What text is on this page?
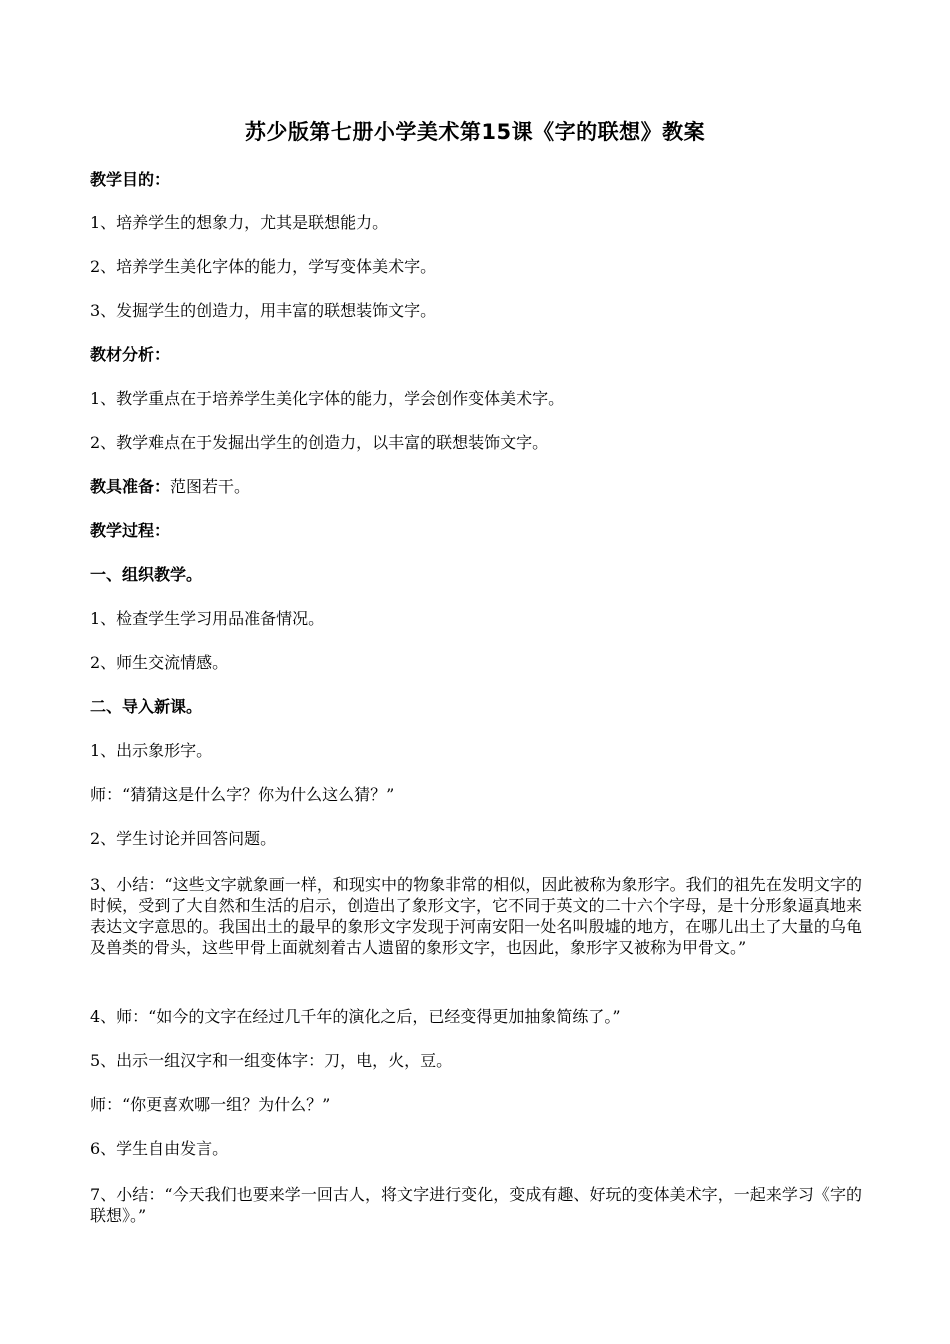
苏少版第七册小学美术第15课《字的联想》教案
教学目的：
1、培养学生的想象力，尤其是联想能力。
2、培养学生美化字体的能力，学写变体美术字。
3、发掘学生的创造力，用丰富的联想装饰文字。
教材分析：
1、教学重点在于培养学生美化字体的能力，学会创作变体美术字。
2、教学难点在于发掘出学生的创造力，以丰富的联想装饰文字。
教具准备：范图若干。
教学过程：
一、组织教学。
1、检查学生学习用品准备情况。
2、师生交流情感。
二、导入新课。
1、出示象形字。
师：“猜猜这是什么字？你为什么这么猜？”
2、学生讨论并回答问题。
3、小结：“这些文字就象画一样，和现实中的物象非常的相似，因此被称为象形字。我们的祖先在发明文字的时候，受到了大自然和生活的启示，创造出了象形文字，它不同于英文的二十六个字母，是十分形象逼真地来表达文字意思的。我国出土的最早的象形文字发现于河南安阳一处名叫殷墟的地方，在哪儿出土了大量的乌龟及兽类的骨头，这些甲骨上面就刻着古人遗留的象形文字，也因此，象形字又被称为甲骨文。”
4、师：“如今的文字在经过几千年的演化之后，已经变得更加抽象简练了。”
5、出示一组汉字和一组变体字：刀，电，火，豆。
师：“你更喜欢哪一组？为什么？”
6、学生自由发言。
7、小结：“今天我们也要来学一回古人，将文字进行变化，变成有趣、好玩的变体美术字，一起来学习《字的联想》。”
